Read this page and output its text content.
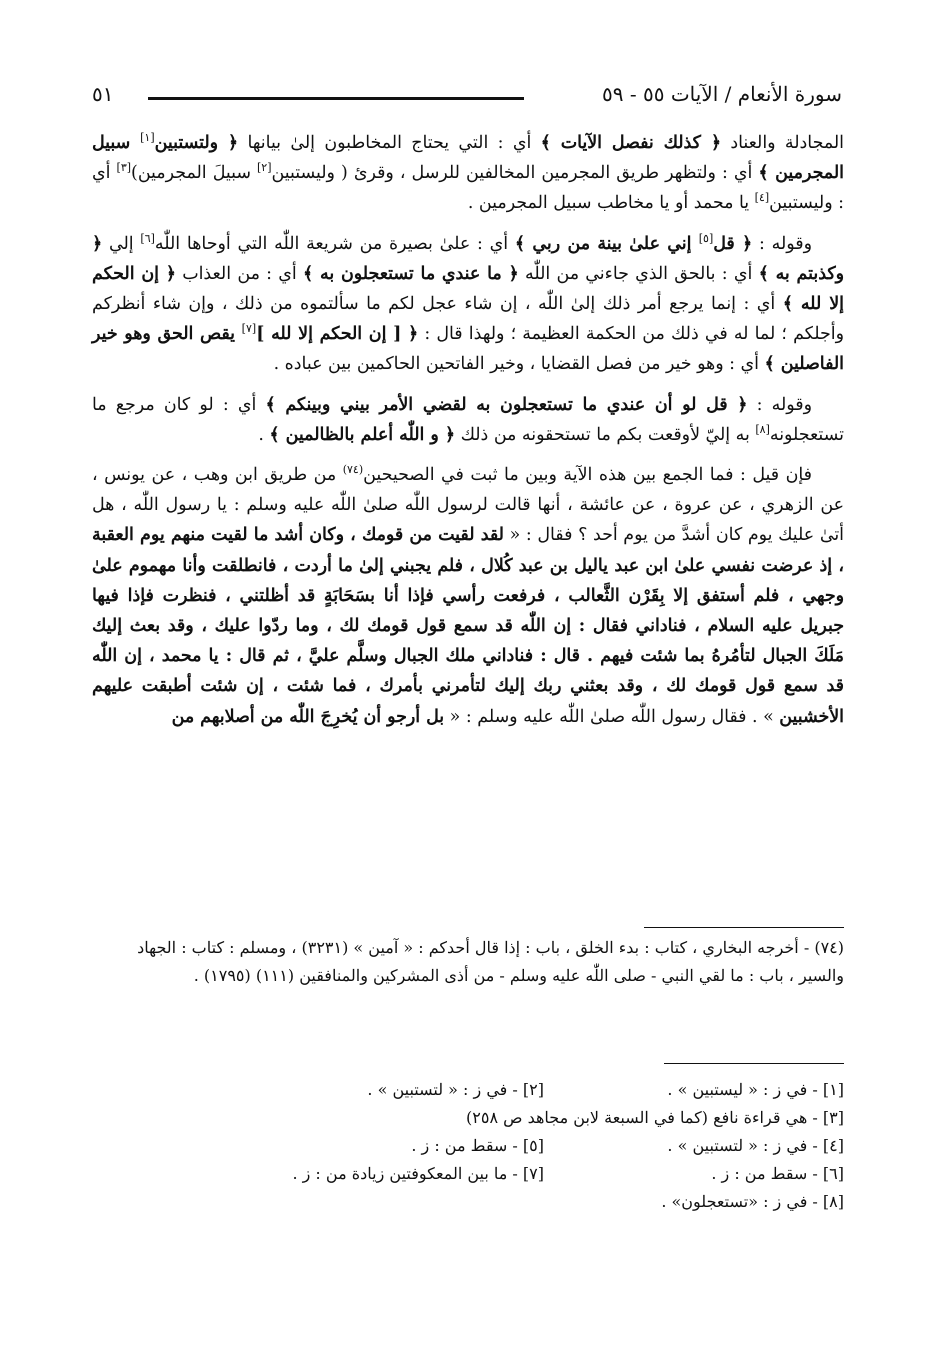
سورة الأنعام / الآيات ٥٥ - ٥٩
٥١

المجادلة والعناد ﴿ كذلك نفصل الآيات ﴾ أي : التي يحتاج المخاطبون إلىٰ بيانها ﴿ ولتستبين[١] سبيل المجرمين ﴾ أي : ولتظهر طريق المجرمين المخالفين للرسل ، وقرئ ( وليستبين[٢] سبيلَ المجرمين)[٣] أي : وليستبين[٤] يا محمد أو يا مخاطب سبيل المجرمين .

وقوله : ﴿ قل[٥] إني علىٰ بينة من ربي ﴾ أي : علىٰ بصيرة من شريعة اللّٰه التي أوحاها اللّٰه[٦] إلي ﴿ وكذبتم به ﴾ أي : بالحق الذي جاءني من اللّٰه ﴿ ما عندي ما تستعجلون به ﴾ أي : من العذاب ﴿ إن الحكم إلا لله ﴾ أي : إنما يرجع أمر ذلك إلىٰ اللّٰه ، إن شاء عجل لكم ما سألتموه من ذلك ، وإن شاء أنظركم وأجلكم ؛ لما له في ذلك من الحكمة العظيمة ؛ ولهذا قال : ﴿ [ إن الحكم إلا لله ][٧] يقص الحق وهو خير الفاصلين ﴾ أي : وهو خير من فصل القضايا ، وخير الفاتحين الحاكمين بين عباده .

وقوله : ﴿ قل لو أن عندي ما تستعجلون به لقضي الأمر بيني وبينكم ﴾ أي : لو كان مرجع ما تستعجلونه[٨] به إليّ لأوقعت بكم ما تستحقونه من ذلك ﴿ و اللّٰه أعلم بالظالمين ﴾ .

فإن قيل : فما الجمع بين هذه الآية وبين ما ثبت في الصحيحين$^{(٧٤)}$ من طريق ابن وهب ، عن يونس ، عن الزهري ، عن عروة ، عن عائشة ، أنها قالت لرسول اللّٰه صلىٰ اللّٰه عليه وسلم : يا رسول اللّٰه ، هل أتىٰ عليك يوم كان أشدَّ من يوم أحد ؟ فقال : « لقد لقيت من قومك ، وكان أشد ما لقيت منهم يوم العقبة ، إذ عرضت نفسي علىٰ ابن عبد ياليل بن عبد كُلال ، فلم يجبني إلىٰ ما أردت ، فانطلقت وأنا مهموم علىٰ وجهي ، فلم أستفق إلا بِقَرْن الثَّعالب ، فرفعت رأسي فإذا أنا بسَحَابَةٍ قد أظلتني ، فنظرت فإذا فيها جبريل عليه السلام ، فناداني فقال : إن اللّٰه قد سمع قول قومك لك ، وما ردّوا عليك ، وقد بعث إليك مَلَكَ الجبال لتأمُرهُ بما شئت فيهم . قال : فناداني ملك الجبال وسلَّم عليَّ ، ثم قال : يا محمد ، إن اللّٰه قد سمع قول قومك لك ، وقد بعثني ربك إليك لتأمرني بأمرك ، فما شئت ، إن شئت أطبقت عليهم الأخشبين » . فقال رسول اللّٰه صلىٰ اللّٰه عليه وسلم : « بل أرجو أن يُخرِجَ اللّٰه من أصلابهم من

(٧٤) - أخرجه البخاري ، كتاب : بدء الخلق ، باب : إذا قال أحدكم : « آمين » (٣٢٣١) ، ومسلم : كتاب : الجهاد والسير ، باب : ما لقي النبي - صلى اللّٰه عليه وسلم - من أذى المشركين والمنافقين (١١١) (١٧٩٥) .
[١] - في ز : « ليستبين » .
[٢] - في ز : « لتستبين » .
[٣] - هي قراءة نافع (كما في السبعة لابن مجاهد ص ٢٥٨)
[٤] - في ز : « لتستبين » .
[٥] - سقط من : ز .
[٦] - سقط من : ز .
[٧] - ما بين المعكوفتين زيادة من : ز .
[٨] - في ز : «تستعجلون» .
